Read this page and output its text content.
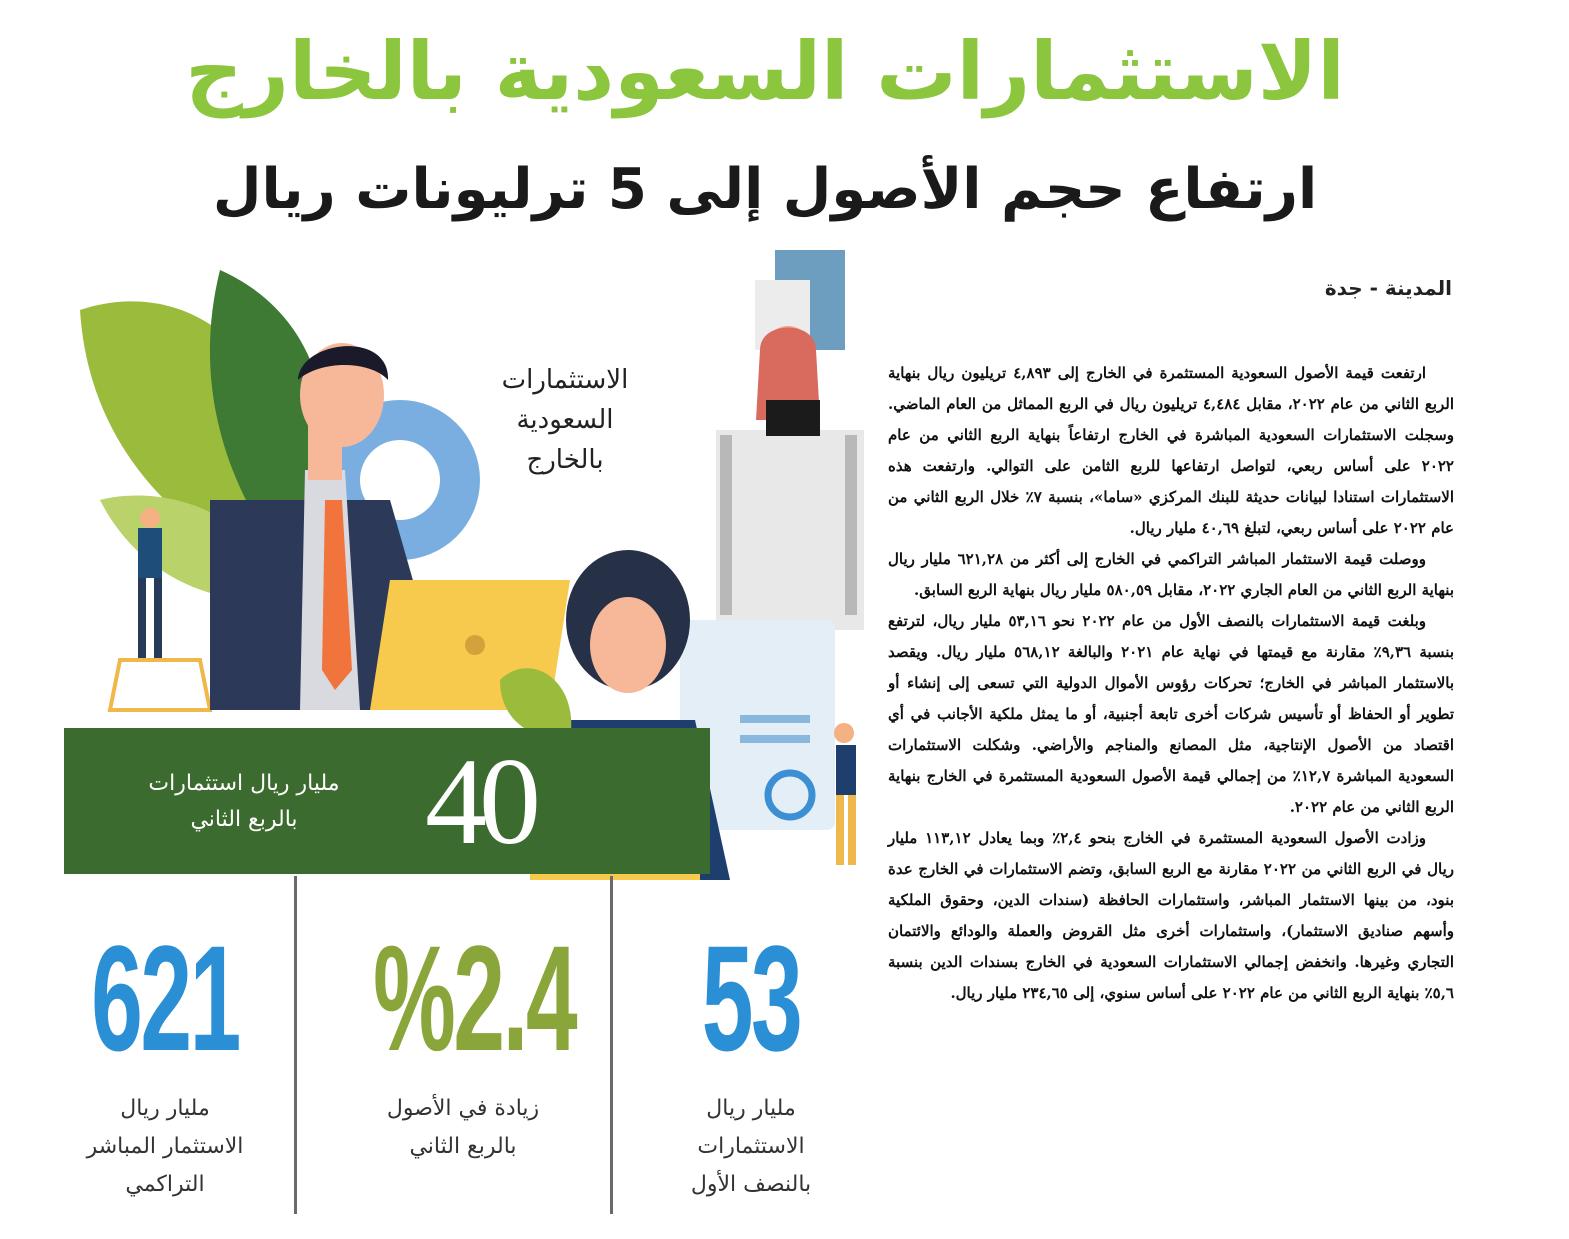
الاستثمارات السعودية بالخارج
ارتفاع حجم الأصول إلى 5 ترليونات ريال
المدينة - جدة

ارتفعت قيمة الأصول السعودية المستثمرة في الخارج إلى ٤,٨٩٣ تريليون ريال بنهاية الربع الثاني من عام ٢٠٢٢، مقابل ٤,٤٨٤ تريليون ريال في الربع المماثل من العام الماضي. وسجلت الاستثمارات السعودية المباشرة في الخارج ارتفاعاً بنهاية الربع الثاني من عام ٢٠٢٢ على أساس ربعي، لتواصل ارتفاعها للربع الثامن على التوالي. وارتفعت هذه الاستثمارات استنادا لبيانات حديثة للبنك المركزي «ساما»، بنسبة ٧٪ خلال الربع الثاني من عام ٢٠٢٢ على أساس ربعي، لتبلغ ٤٠,٦٩ مليار ريال.

ووصلت قيمة الاستثمار المباشر التراكمي في الخارج إلى أكثر من ٦٢١,٢٨ مليار ريال بنهاية الربع الثاني من العام الجاري ٢٠٢٢، مقابل ٥٨٠,٥٩ مليار ريال بنهاية الربع السابق.

وبلغت قيمة الاستثمارات بالنصف الأول من عام ٢٠٢٢ نحو ٥٣,١٦ مليار ريال، لترتفع بنسبة ٩,٣٦٪ مقارنة مع قيمتها في نهاية عام ٢٠٢١ والبالغة ٥٦٨,١٢ مليار ريال. ويقصد بالاستثمار المباشر في الخارج؛ تحركات رؤوس الأموال الدولية التي تسعى إلى إنشاء أو تطوير أو الحفاظ أو تأسيس شركات أخرى تابعة أجنبية، أو ما يمثل ملكية الأجانب في أي اقتصاد من الأصول الإنتاجية، مثل المصانع والمناجم والأراضي. وشكلت الاستثمارات السعودية المباشرة ١٢,٧٪ من إجمالي قيمة الأصول السعودية المستثمرة في الخارج بنهاية الربع الثاني من عام ٢٠٢٢.

وزادت الأصول السعودية المستثمرة في الخارج بنحو ٢,٤٪ وبما يعادل ١١٣,١٢ مليار ريال في الربع الثاني من ٢٠٢٢ مقارنة مع الربع السابق، وتضم الاستثمارات في الخارج عدة بنود، من بينها الاستثمار المباشر، واستثمارات الحافظة (سندات الدين، وحقوق الملكية وأسهم صناديق الاستثمار)، واستثمارات أخرى مثل القروض والعملة والودائع والائتمان التجاري وغيرها. وانخفض إجمالي الاستثمارات السعودية في الخارج بسندات الدين بنسبة ٥,٦٪ بنهاية الربع الثاني من عام ٢٠٢٢ على أساس سنوي، إلى ٢٣٤,٦٥ مليار ريال.

الاستثمارات
السعودية
بالخارج
40
مليار ريال استثمارات
بالربع الثاني
621
مليار ريال
الاستثمار المباشر
التراكمي
%2.4
زيادة في الأصول
بالربع الثاني
53
مليار ريال
الاستثمارات
بالنصف الأول
